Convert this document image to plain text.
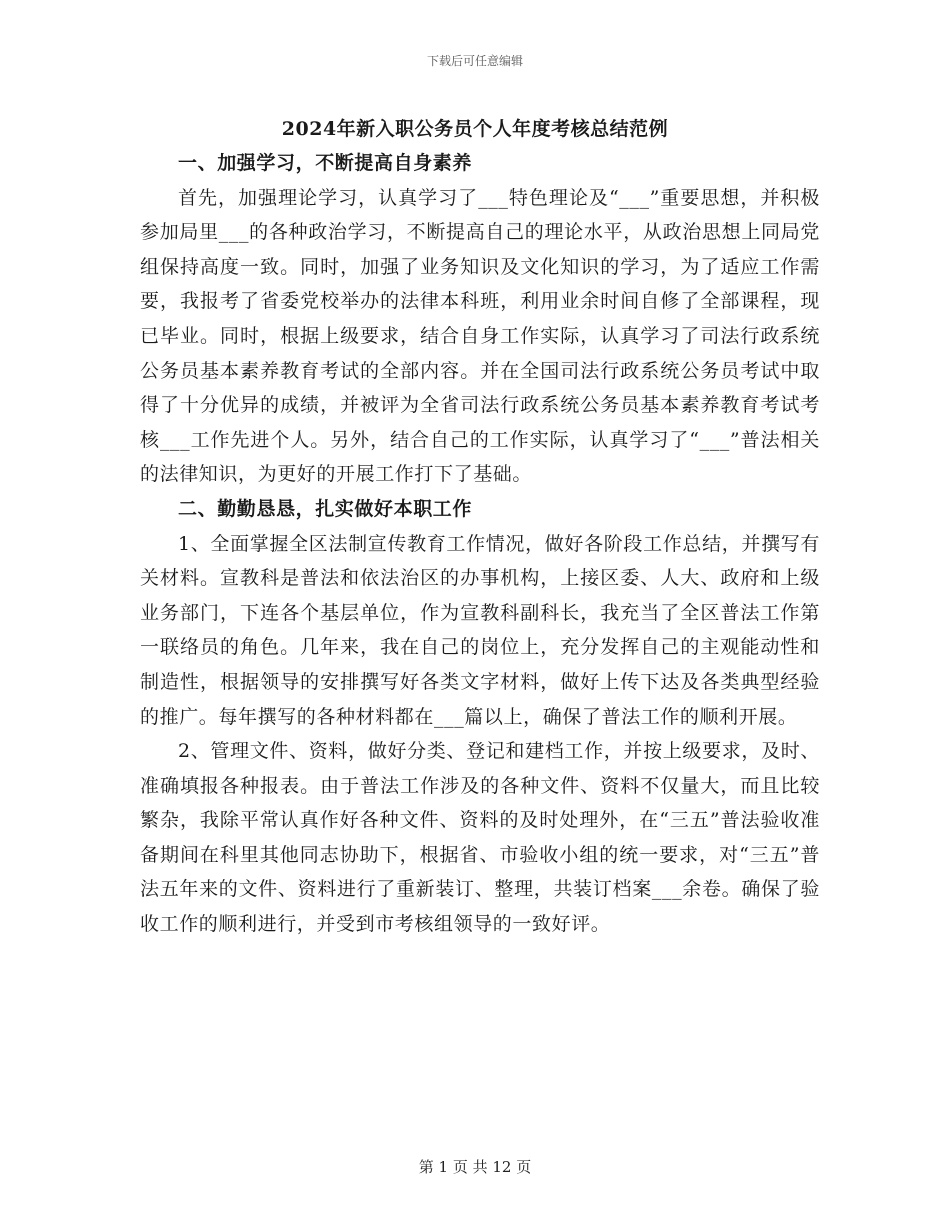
下载后可任意编辑
2024年新入职公务员个人年度考核总结范例
一、加强学习，不断提高自身素养

首先，加强理论学习，认真学习了___特色理论及“___”重要思想，并积极参加局里___的各种政治学习，不断提高自己的理论水平，从政治思想上同局党组保持高度一致。同时，加强了业务知识及文化知识的学习，为了适应工作需要，我报考了省委党校举办的法律本科班，利用业余时间自修了全部课程，现已毕业。同时，根据上级要求，结合自身工作实际，认真学习了司法行政系统公务员基本素养教育考试的全部内容。并在全国司法行政系统公务员考试中取得了十分优异的成绩，并被评为全省司法行政系统公务员基本素养教育考试考核___工作先进个人。另外，结合自己的工作实际，认真学习了“___”普法相关的法律知识，为更好的开展工作打下了基础。

二、勤勤恳恳，扎实做好本职工作

1、全面掌握全区法制宣传教育工作情况，做好各阶段工作总结，并撰写有关材料。宣教科是普法和依法治区的办事机构，上接区委、人大、政府和上级业务部门，下连各个基层单位，作为宣教科副科长，我充当了全区普法工作第一联络员的角色。几年来，我在自己的岗位上，充分发挥自己的主观能动性和制造性，根据领导的安排撰写好各类文字材料，做好上传下达及各类典型经验的推广。每年撰写的各种材料都在___篇以上，确保了普法工作的顺利开展。

2、管理文件、资料，做好分类、登记和建档工作，并按上级要求，及时、准确填报各种报表。由于普法工作涉及的各种文件、资料不仅量大，而且比较繁杂，我除平常认真作好各种文件、资料的及时处理外，在“三五”普法验收准备期间在科里其他同志协助下，根据省、市验收小组的统一要求，对“三五”普法五年来的文件、资料进行了重新装订、整理，共装订档案___余卷。确保了验收工作的顺利进行，并受到市考核组领导的一致好评。

第 1 页 共 12 页
